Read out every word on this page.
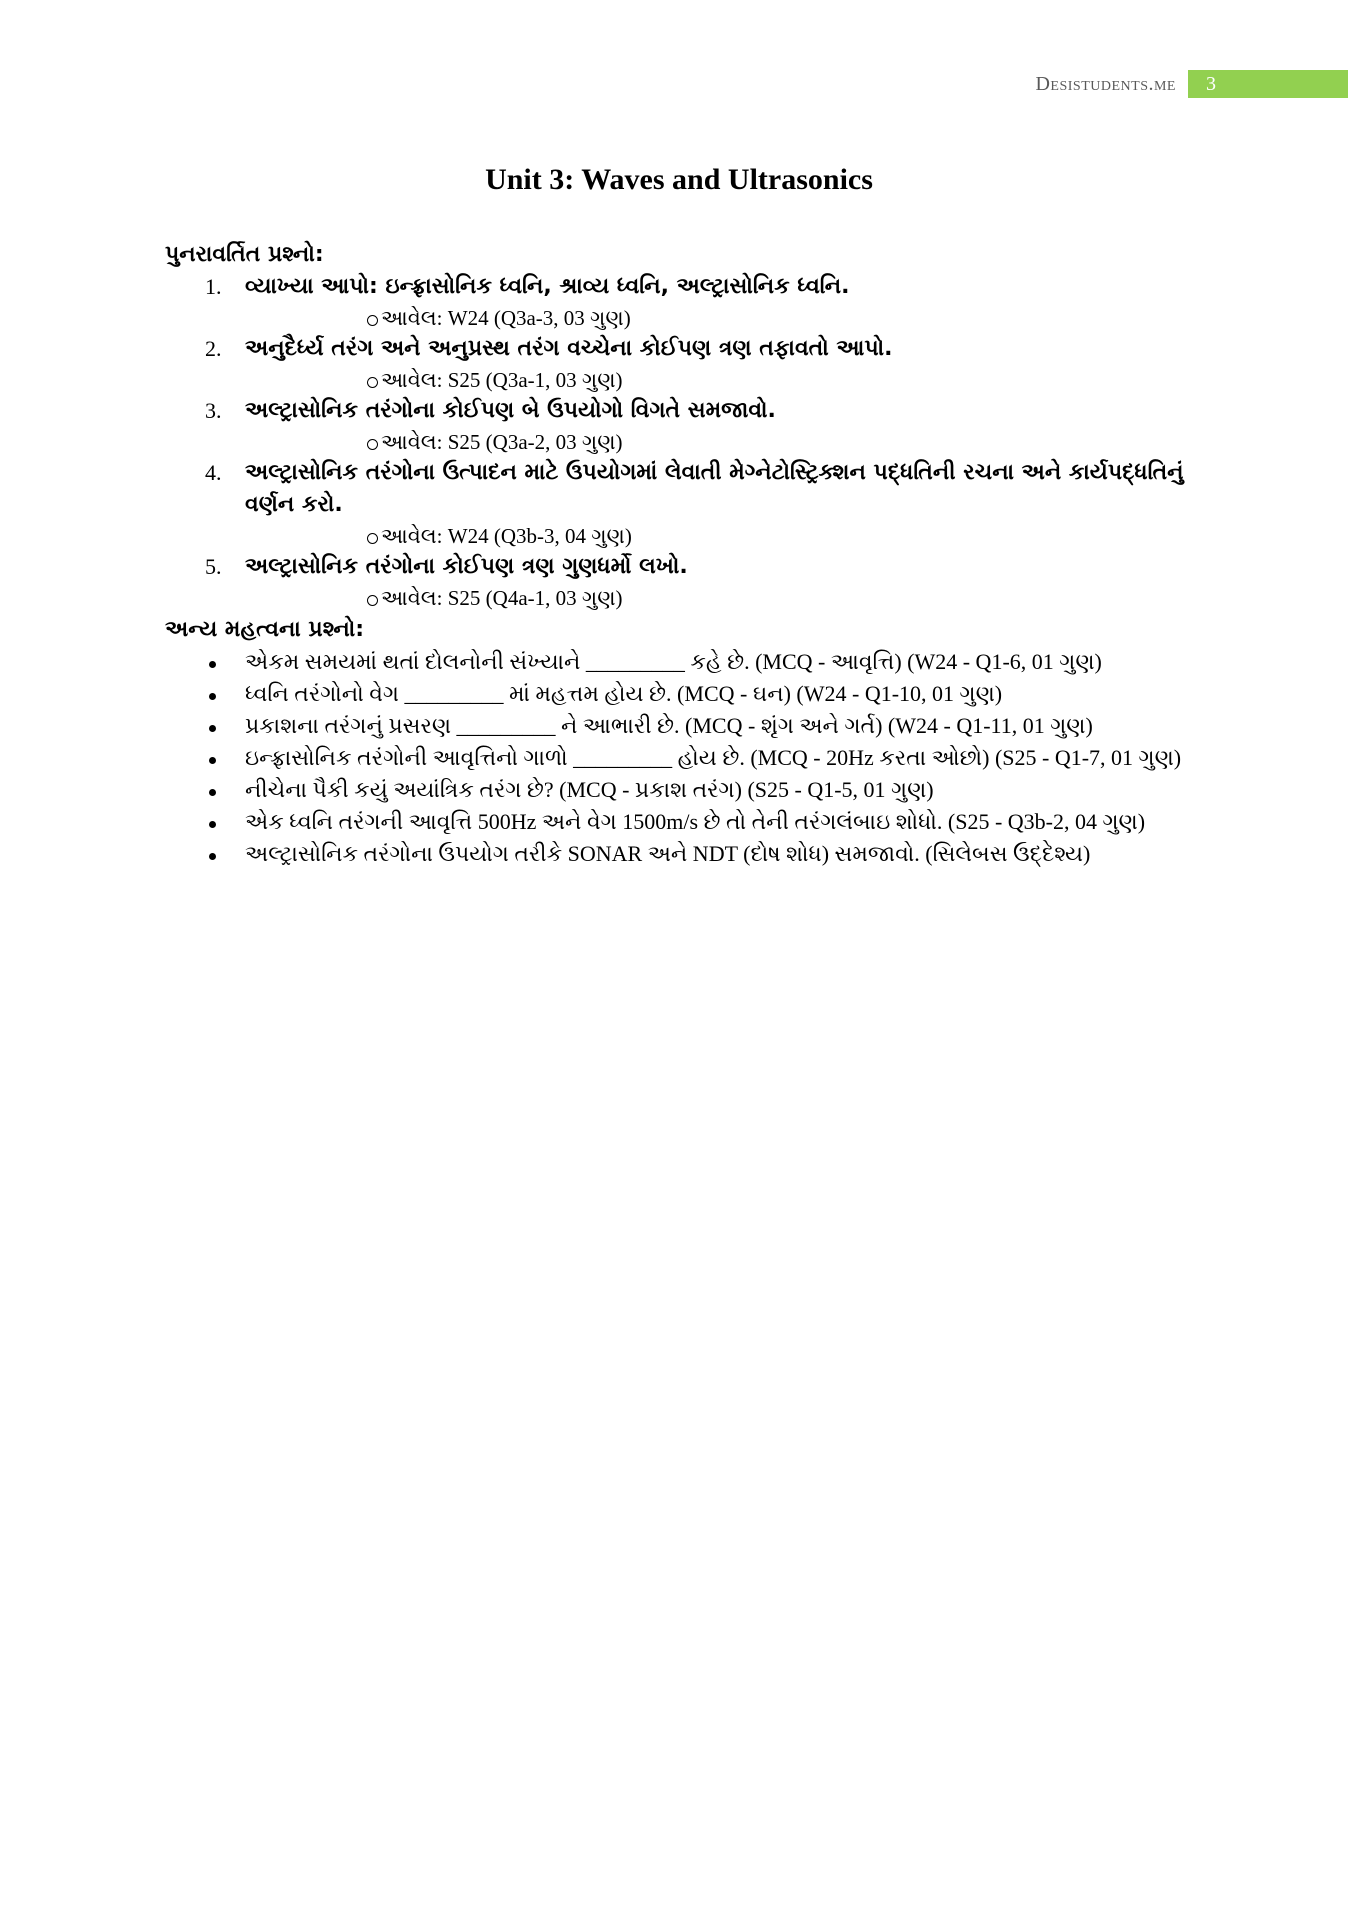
Desistudents.me	3
Unit 3: Waves and Ultrasonics
પુનરાવર્તિત પ્રશ્નો:
1. વ્યાખ્યા આપો: ઇન્ફ્રાસોનિક ધ્વનિ, શ્રાવ્ય ધ્વનિ, અલ્ટ્રાસોનિક ધ્વનિ.
આવેલ: W24 (Q3a-3, 03 ગુણ)
2. અનુદૈર્ધ્ય તરંગ અને અનુપ્રસ્થ તરંગ વચ્ચેના કોઈપણ ત્રણ તફાવતો આપો.
આવેલ: S25 (Q3a-1, 03 ગુણ)
3. અલ્ટ્રાસોનિક તરંગોના કોઈપણ બે ઉપયોગો વિગતે સમજાવો.
આવેલ: S25 (Q3a-2, 03 ગુણ)
4. અલ્ટ્રાસોનિક તરંગોના ઉત્પાદન માટે ઉપયોગમાં લેવાતી મેગ્નેટોસ્ટ્રિક્શન પદ્ધતિની રચના અને કાર્યપદ્ધતિનું વર્ણન કરો.
આવેલ: W24 (Q3b-3, 04 ગુણ)
5. અલ્ટ્રાસોનિક તરંગોના કોઈપણ ત્રણ ગુણધર્મો લખો.
આવેલ: S25 (Q4a-1, 03 ગુણ)
અન્ય મહત્વના પ્રશ્નો:
એકમ સમયમાં થતાં દોલનોની સંખ્યાને _________ કહે છે. (MCQ - આવૃત્તિ) (W24 - Q1-6, 01 ગુણ)
ધ્વનિ તરંગોનો વેગ _________ માં મહત્તમ હોય છે. (MCQ - ઘન) (W24 - Q1-10, 01 ગુણ)
પ્રકાશના તરંગનું પ્રસરણ _________ ને આભારી છે. (MCQ - શૃંગ અને ગર્ત) (W24 - Q1-11, 01 ગુણ)
ઇન્ફ્રાસોનિક તરંગોની આવૃત્તિનો ગાળો _________ હોય છે. (MCQ - 20Hz કરતા ઓછો) (S25 - Q1-7, 01 ગુણ)
નીચેના પૈકી કયું અયાંત્રિક તરંગ છે? (MCQ - પ્રકાશ તરંગ) (S25 - Q1-5, 01 ગુણ)
એક ધ્વનિ તરંગની આવૃત્તિ 500Hz અને વેગ 1500m/s છે તો તેની તરંગલંબાઇ શોધો. (S25 - Q3b-2, 04 ગુણ)
અલ્ટ્રાસોનિક તરંગોના ઉપયોગ તરીકે SONAR અને NDT (દોષ શોધ) સમજાવો. (સિલેબસ ઉદ્દેશ્ય)
